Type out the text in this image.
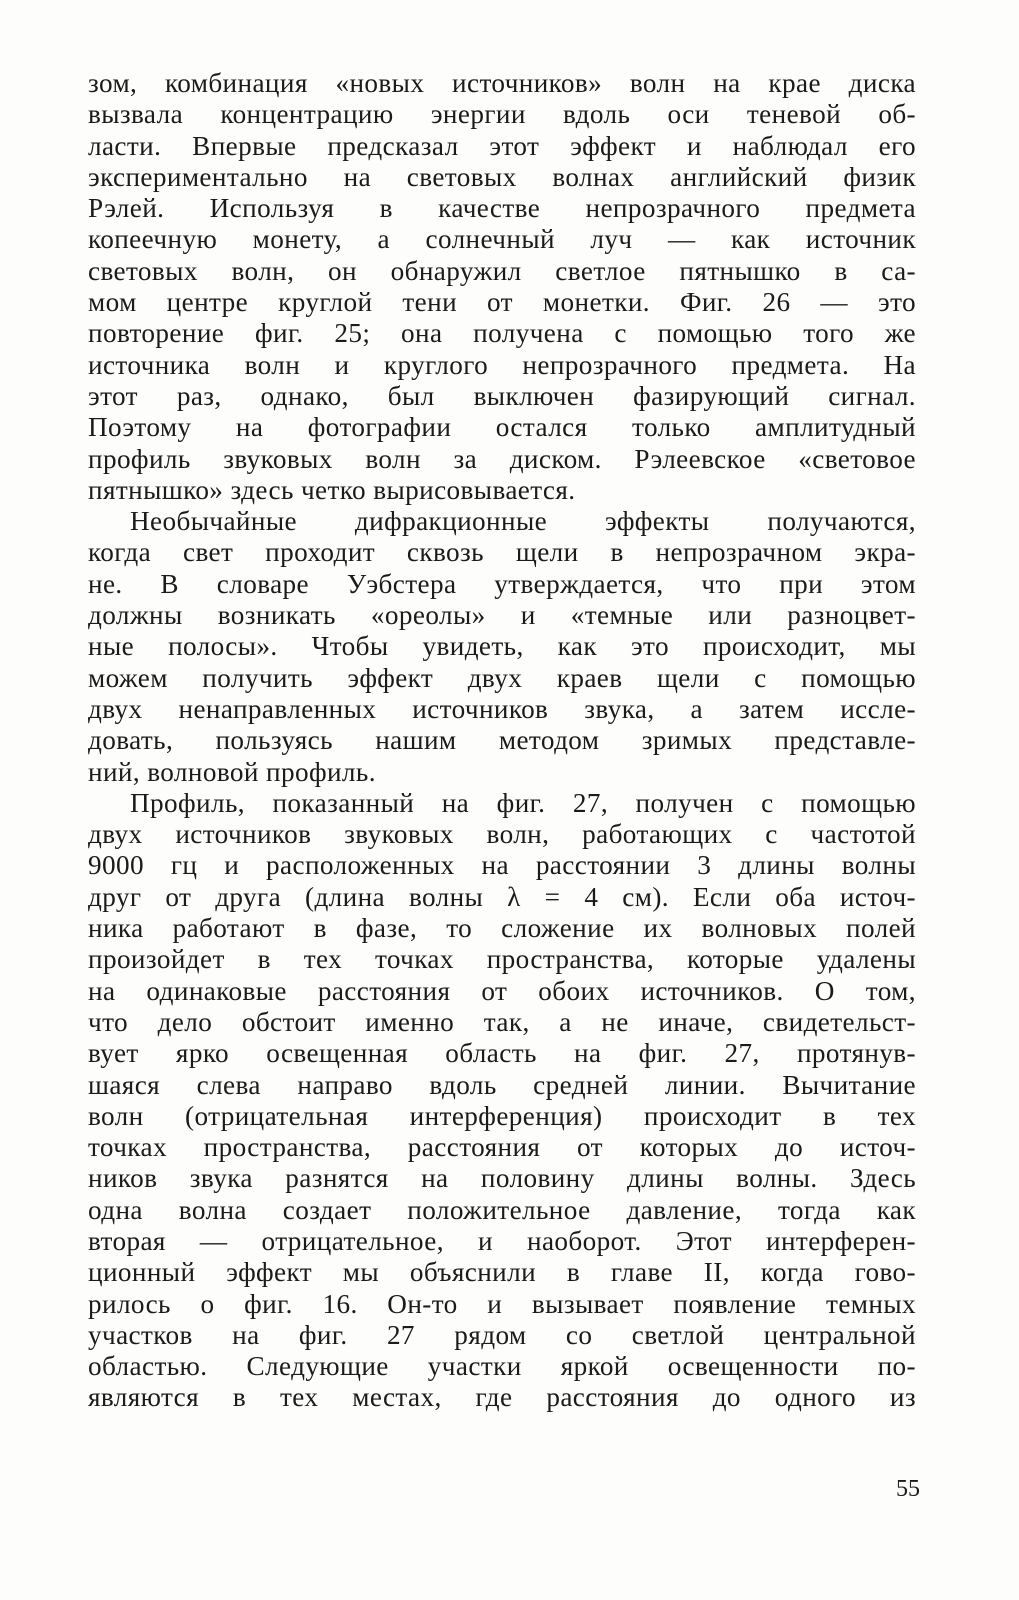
зом, комбинация «новых источников» волн на крае диска
вызвала концентрацию энергии вдоль оси теневой об-
ласти. Впервые предсказал этот эффект и наблюдал его
экспериментально на световых волнах английский физик
Рэлей. Используя в качестве непрозрачного предмета
копеечную монету, а солнечный луч — как источник
световых волн, он обнаружил светлое пятнышко в са-
мом центре круглой тени от монетки. Фиг. 26 — это
повторение фиг. 25; она получена с помощью того же
источника волн и круглого непрозрачного предмета. На
этот раз, однако, был выключен фазирующий сигнал.
Поэтому на фотографии остался только амплитудный
профиль звуковых волн за диском. Рэлеевское «световое
пятнышко» здесь четко вырисовывается.
Необычайные дифракционные эффекты получаются,
когда свет проходит сквозь щели в непрозрачном экра-
не. В словаре Уэбстера утверждается, что при этом
должны возникать «ореолы» и «темные или разноцвет-
ные полосы». Чтобы увидеть, как это происходит, мы
можем получить эффект двух краев щели с помощью
двух ненаправленных источников звука, а затем иссле-
довать, пользуясь нашим методом зримых представле-
ний, волновой профиль.
Профиль, показанный на фиг. 27, получен с помощью
двух источников звуковых волн, работающих с частотой
9000 гц и расположенных на расстоянии 3 длины волны
друг от друга (длина волны λ = 4 см). Если оба источ-
ника работают в фазе, то сложение их волновых полей
произойдет в тех точках пространства, которые удалены
на одинаковые расстояния от обоих источников. О том,
что дело обстоит именно так, а не иначе, свидетельст-
вует ярко освещенная область на фиг. 27, протянув-
шаяся слева направо вдоль средней линии. Вычитание
волн (отрицательная интерференция) происходит в тех
точках пространства, расстояния от которых до источ-
ников звука разнятся на половину длины волны. Здесь
одна волна создает положительное давление, тогда как
вторая — отрицательное, и наоборот. Этот интерферен-
ционный эффект мы объяснили в главе II, когда гово-
рилось о фиг. 16. Он-то и вызывает появление темных
участков на фиг. 27 рядом со светлой центральной
областью. Следующие участки яркой освещенности по-
являются в тех местах, где расстояния до одного из
55
